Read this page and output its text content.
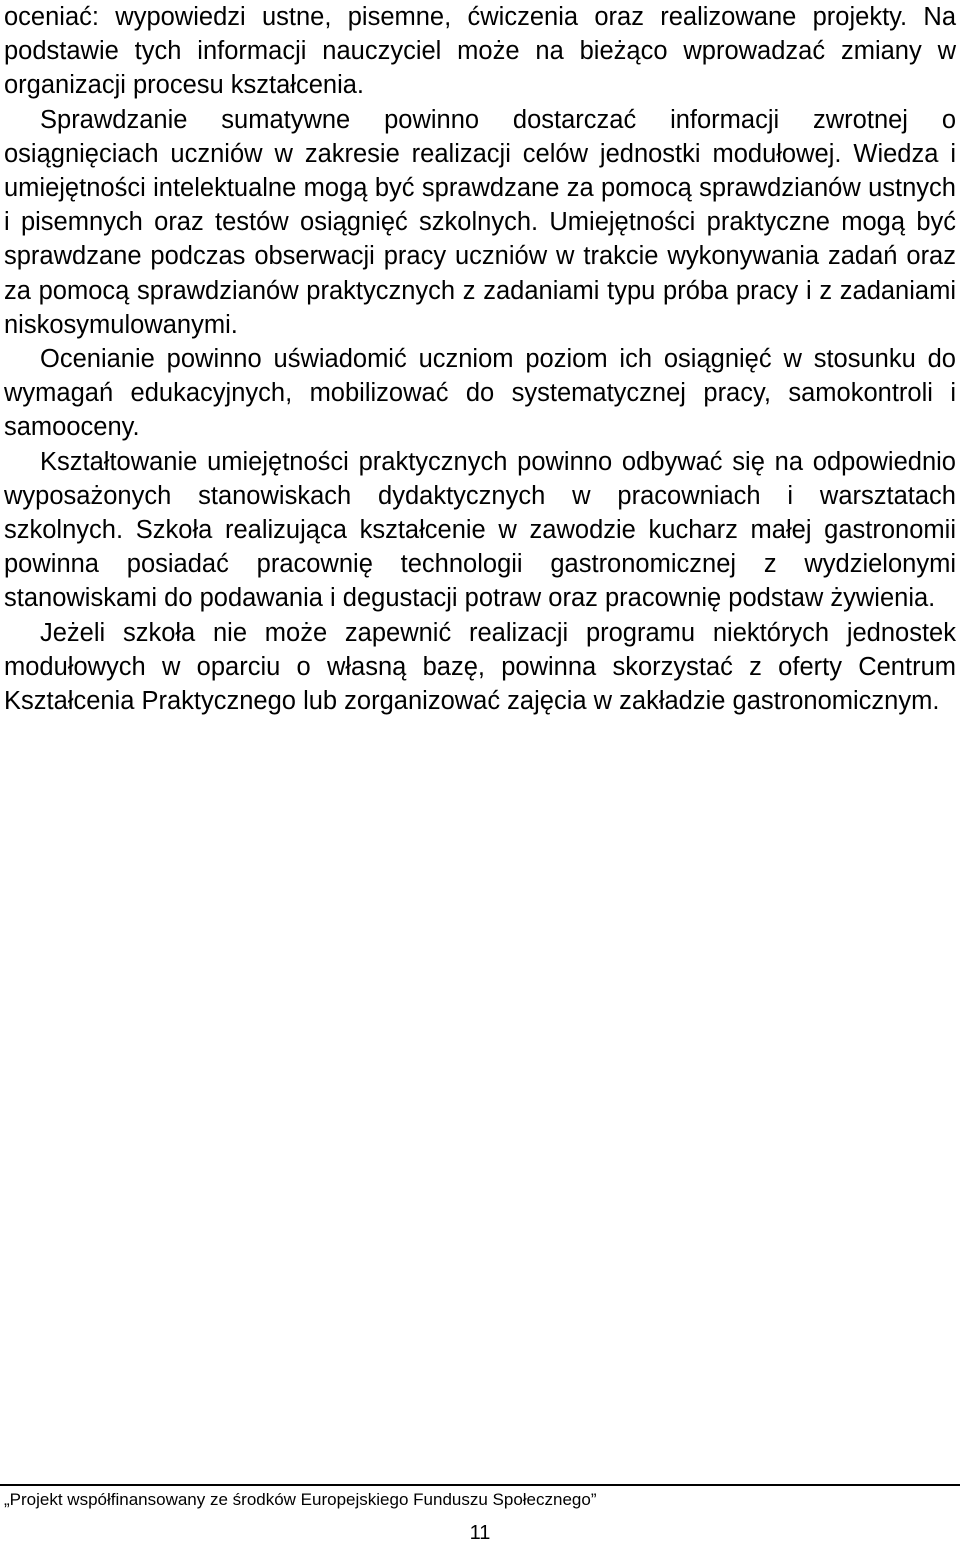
oceniać: wypowiedzi ustne, pisemne, ćwiczenia oraz realizowane projekty. Na podstawie tych informacji nauczyciel może na bieżąco wprowadzać zmiany w organizacji procesu kształcenia.

Sprawdzanie sumatywne powinno dostarczać informacji zwrotnej o osiągnięciach uczniów w zakresie realizacji celów jednostki modułowej. Wiedza i umiejętności intelektualne mogą być sprawdzane za pomocą sprawdzianów ustnych i pisemnych oraz testów osiągnięć szkolnych. Umiejętności praktyczne mogą być sprawdzane podczas obserwacji pracy uczniów w trakcie wykonywania zadań oraz za pomocą sprawdzianów praktycznych z zadaniami typu próba pracy i z zadaniami niskosymulowanymi.

Ocenianie powinno uświadomić uczniom poziom ich osiągnięć w stosunku do wymagań edukacyjnych, mobilizować do systematycznej pracy, samokontroli i samooceny.

Kształtowanie umiejętności praktycznych powinno odbywać się na odpowiednio wyposażonych stanowiskach dydaktycznych w pracowniach i warsztatach szkolnych. Szkoła realizująca kształcenie w zawodzie kucharz małej gastronomii powinna posiadać pracownię technologii gastronomicznej z wydzielonymi stanowiskami do podawania i degustacji potraw oraz pracownię podstaw żywienia.

Jeżeli szkoła nie może zapewnić realizacji programu niektórych jednostek modułowych w oparciu o własną bazę, powinna skorzystać z oferty Centrum Kształcenia Praktycznego lub zorganizować zajęcia w zakładzie gastronomicznym.

„Projekt współfinansowany ze środków Europejskiego Funduszu Społecznego”
11
